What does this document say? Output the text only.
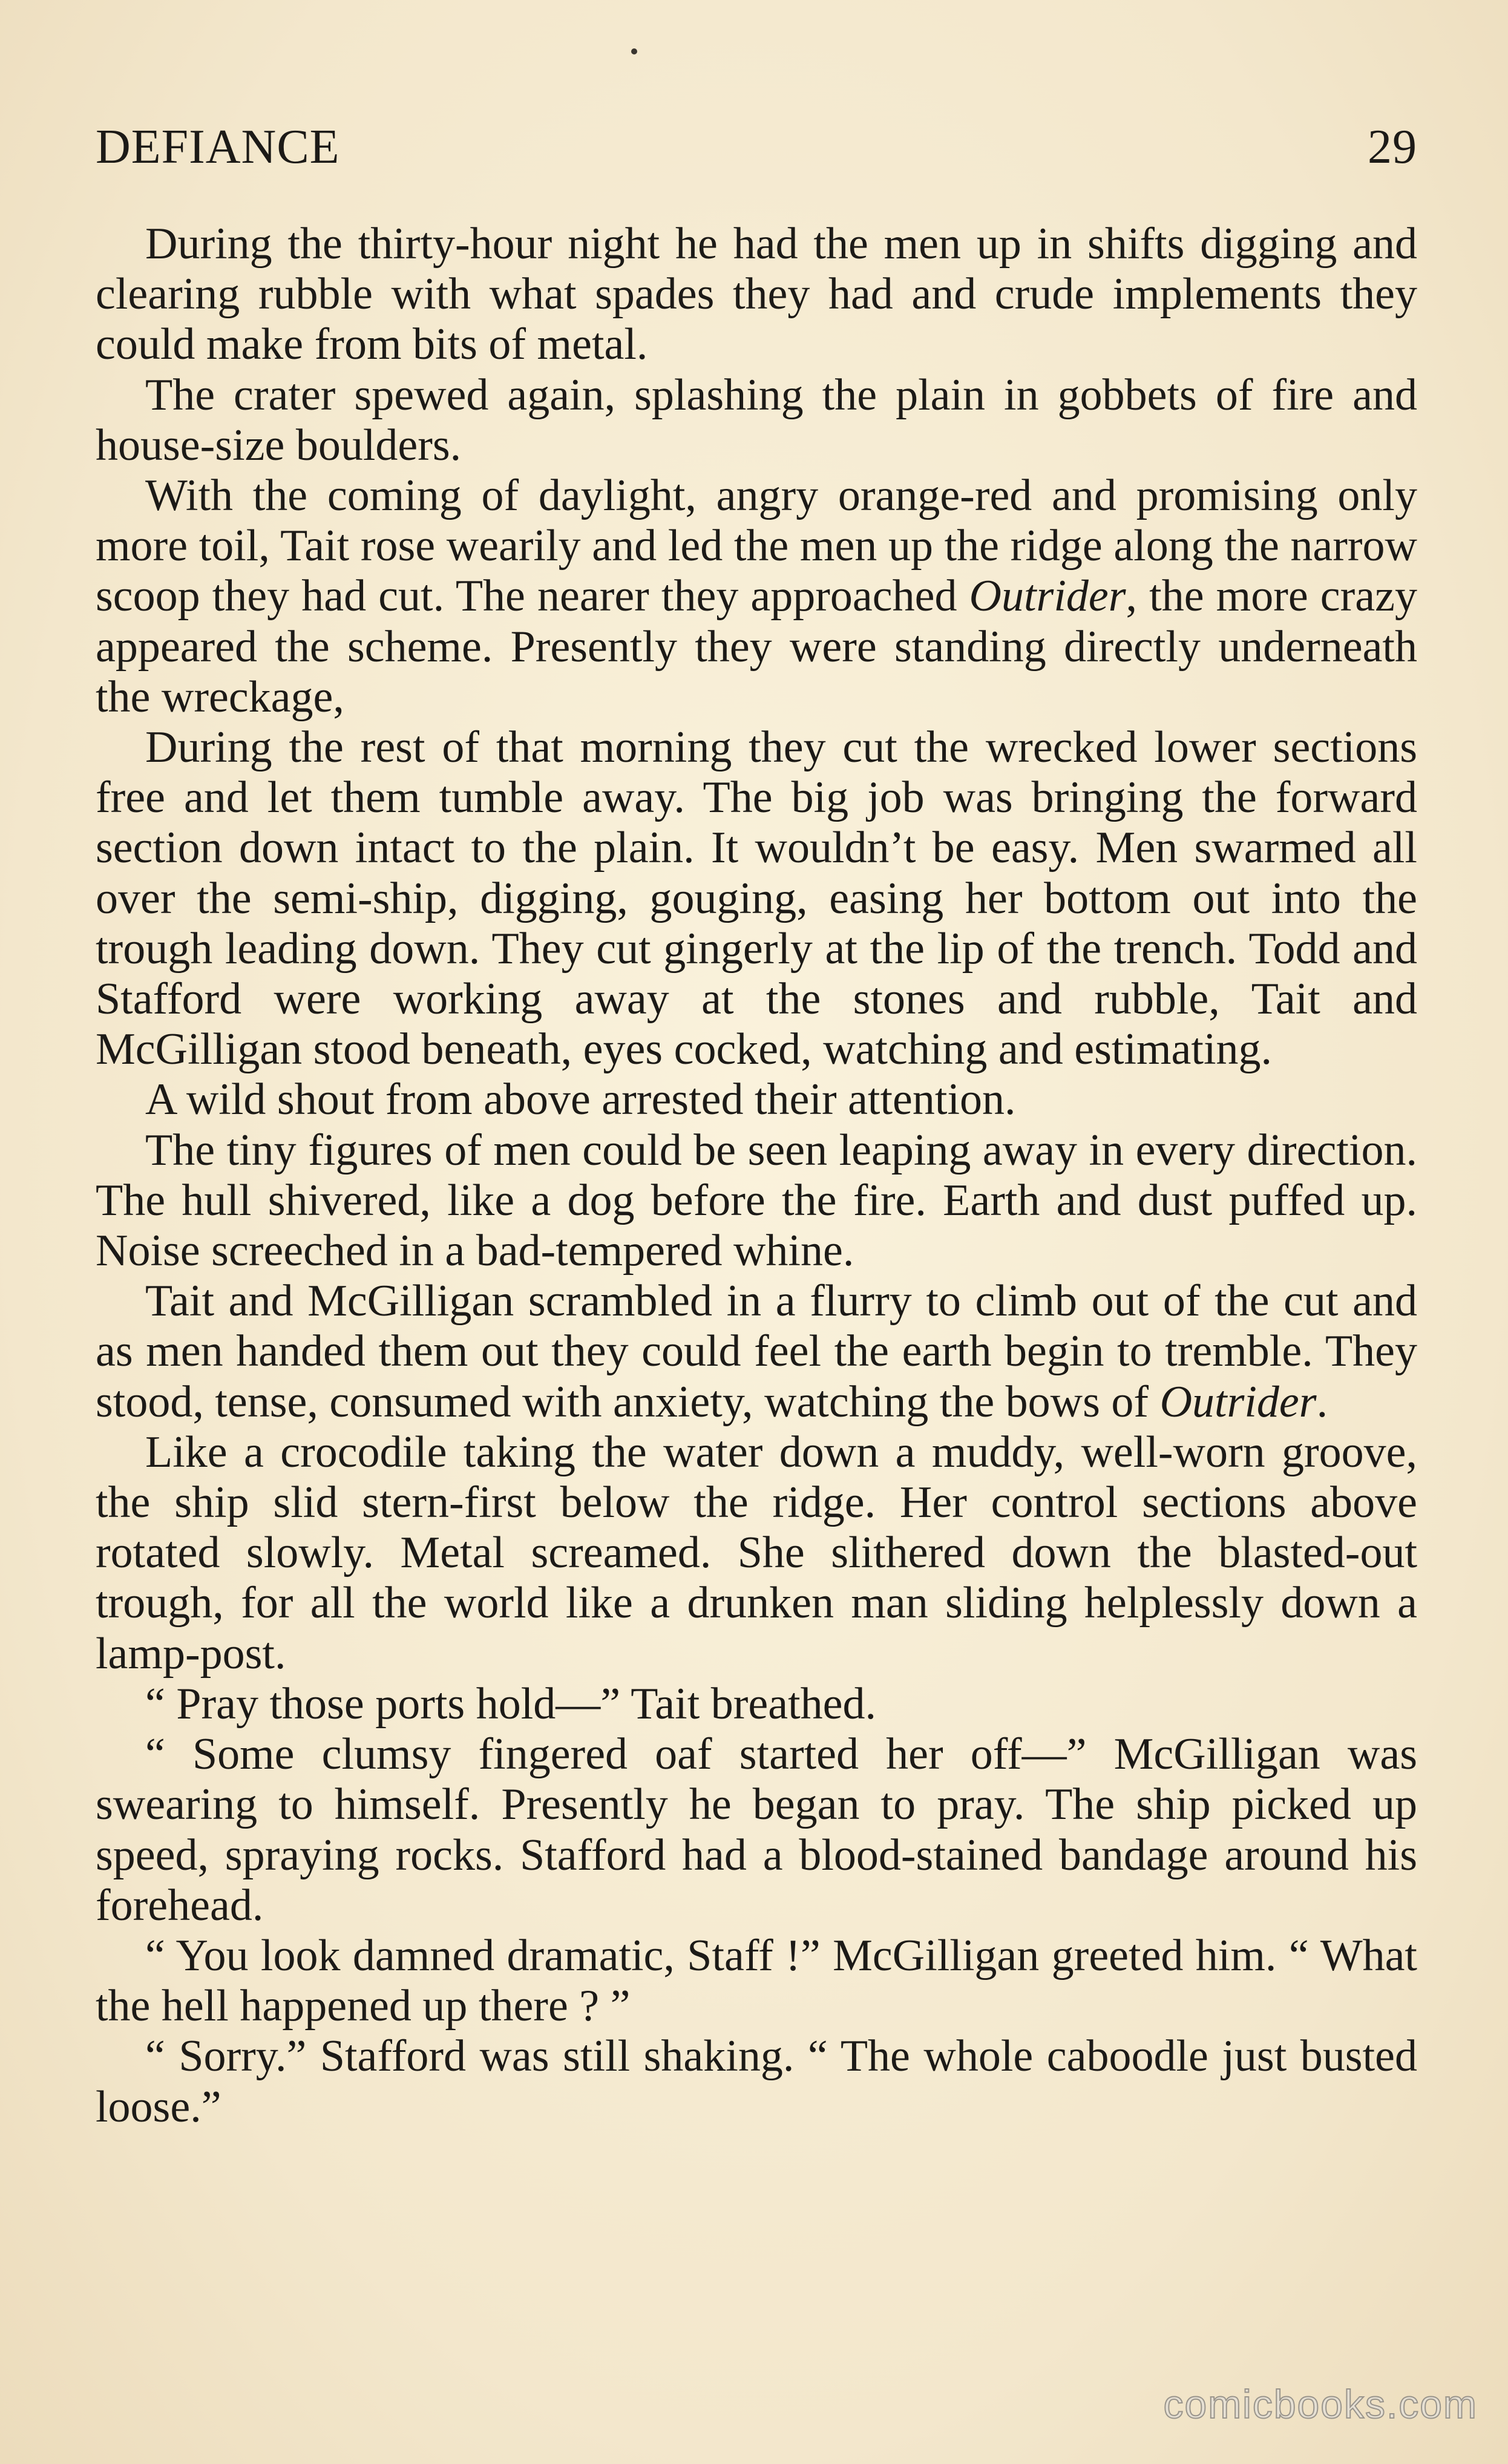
DEFIANCE	29

During the thirty-hour night he had the men up in shifts digging and clearing rubble with what spades they had and crude implements they could make from bits of metal.

The crater spewed again, splashing the plain in gobbets of fire and house-size boulders.

With the coming of daylight, angry orange-red and promising only more toil, Tait rose wearily and led the men up the ridge along the narrow scoop they had cut. The nearer they approached Outrider, the more crazy appeared the scheme. Presently they were standing directly underneath the wreckage,

During the rest of that morning they cut the wrecked lower sections free and let them tumble away. The big job was bringing the forward section down intact to the plain. It wouldn’t be easy. Men swarmed all over the semi-ship, digging, gouging, easing her bottom out into the trough leading down. They cut gingerly at the lip of the trench. Todd and Stafford were working away at the stones and rubble, Tait and McGilligan stood beneath, eyes cocked, watching and estimating.

A wild shout from above arrested their attention.

The tiny figures of men could be seen leaping away in every direction. The hull shivered, like a dog before the fire. Earth and dust puffed up. Noise screeched in a bad-tempered whine.

Tait and McGilligan scrambled in a flurry to climb out of the cut and as men handed them out they could feel the earth begin to tremble. They stood, tense, consumed with anxiety, watching the bows of Outrider.

Like a crocodile taking the water down a muddy, well-worn groove, the ship slid stern-first below the ridge. Her control sections above rotated slowly. Metal screamed. She slithered down the blasted-out trough, for all the world like a drunken man sliding helplessly down a lamp-post.

“ Pray those ports hold—” Tait breathed.

“ Some clumsy fingered oaf started her off—” McGilligan was swearing to himself. Presently he began to pray. The ship picked up speed, spraying rocks. Stafford had a blood-stained bandage around his forehead.

“ You look damned dramatic, Staff !” McGilligan greeted him. “ What the hell happened up there ? ”

“ Sorry.” Stafford was still shaking. “ The whole caboodle just busted loose.”

comicbooks.com
